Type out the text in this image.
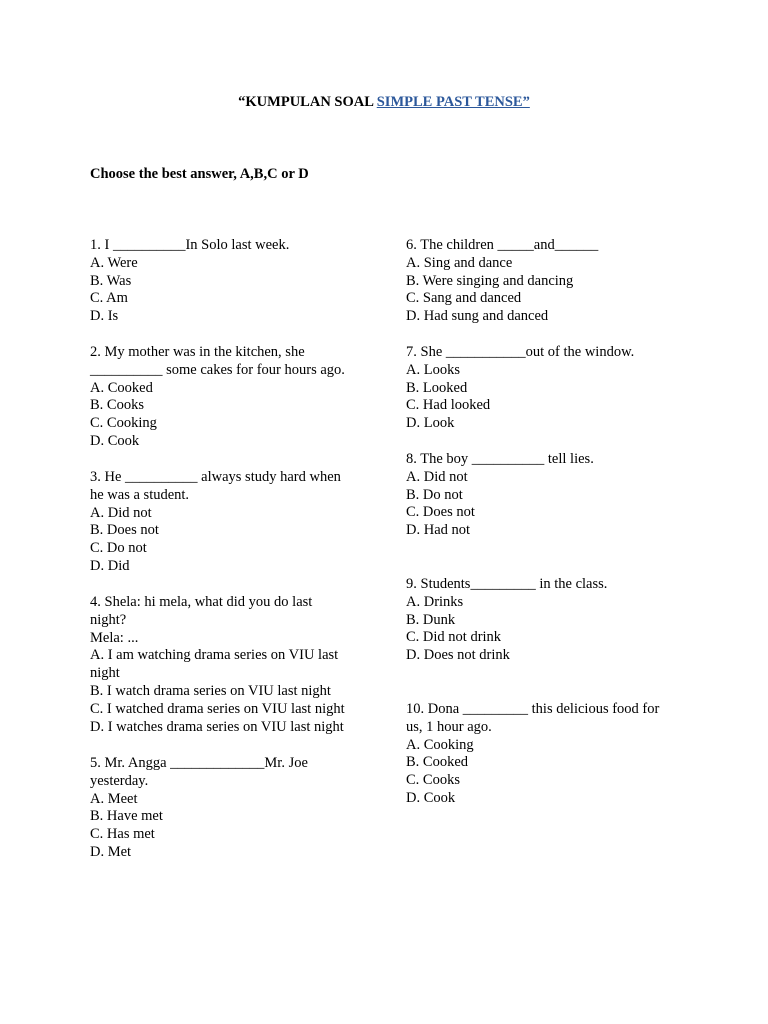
“KUMPULAN SOAL SIMPLE PAST TENSE”
Choose the best answer, A,B,C or D
1. I __________In Solo last week.
A. Were
B. Was
C. Am
D. Is
2. My mother was in the kitchen, she
__________ some cakes for four hours ago.
A. Cooked
B. Cooks
C. Cooking
D. Cook
3. He __________ always study hard when
he was a student.
A. Did not
B. Does not
C. Do not
D. Did
4. Shela: hi mela, what did you do last
night?
Mela: ...
A. I am watching drama series on VIU last
night
B. I watch drama series on VIU last night
C. I watched drama series on VIU last night
D. I watches drama series on VIU last night
5. Mr. Angga _____________Mr. Joe
yesterday.
A. Meet
B. Have met
C. Has met
D. Met
6. The children _____and______
A. Sing and dance
B. Were singing and dancing
C. Sang and danced
D. Had sung and danced
7. She ___________out of the window.
A. Looks
B. Looked
C. Had looked
D. Look
8. The boy __________ tell lies.
A. Did not
B. Do not
C. Does not
D. Had not
9. Students_________ in the class.
A. Drinks
B. Dunk
C. Did not drink
D. Does not drink
10. Dona _________ this delicious food for
us, 1 hour ago.
A. Cooking
B. Cooked
C. Cooks
D. Cook
